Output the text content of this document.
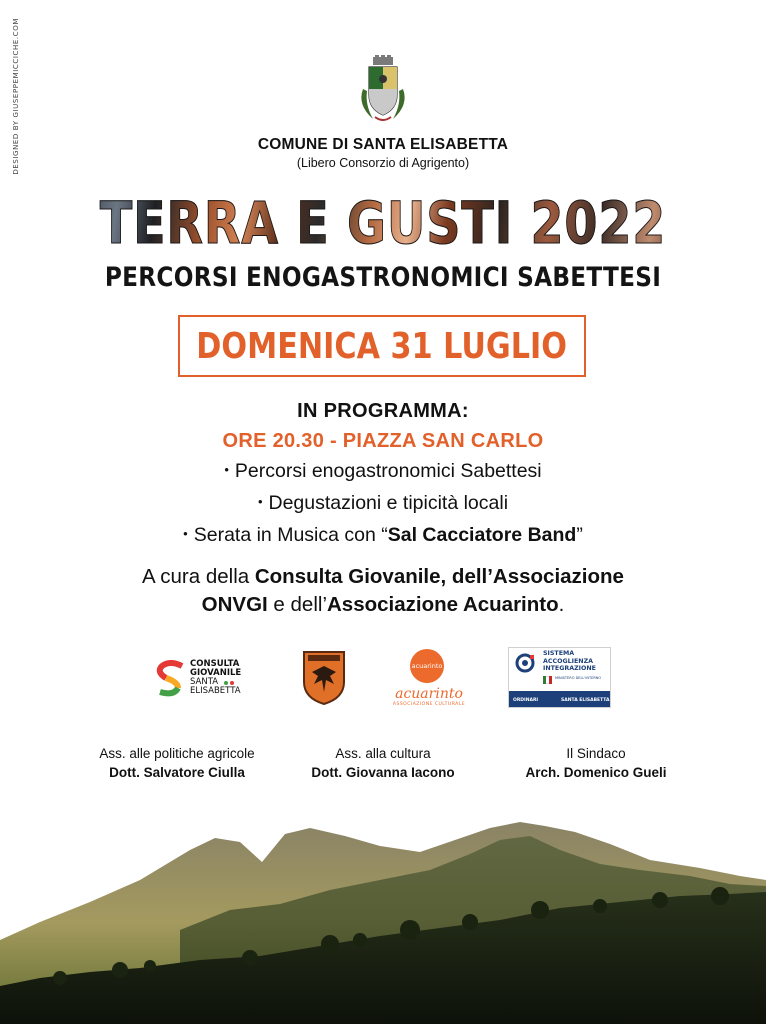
DESIGNED BY GIUSEPPEMICCICHE.COM	COMUNE DI SANTA ELISABETTA
(Libero Consorzio di Agrigento)
TERRA E GUSTI 2022
PERCORSI ENOGASTRONOMICI SABETTESI
DOMENICA 31 LUGLIO
IN PROGRAMMA:
ORE 20.30 - PIAZZA SAN CARLO
• Percorsi enogastronomici Sabettesi
• Degustazioni e tipicità locali
• Serata in Musica con “Sal Cacciatore Band”
A cura della Consulta Giovanile, dell’Associazione
ONVGI e dell’Associazione Acuarinto.
CONSULTA
GIOVANILE
SANTA
ELISABETTA
acuarinto
acuarinto
ASSOCIAZIONE CULTURALE
SISTEMA
ACCOGLIENZA
INTEGRAZIONE
MINISTERO DELL'INTERNO
ORDINARI	SANTA ELISABETTA
Ass. alle politiche agricole
Dott. Salvatore Ciulla
Ass. alla cultura
Dott. Giovanna Iacono
Il Sindaco
Arch. Domenico Gueli
